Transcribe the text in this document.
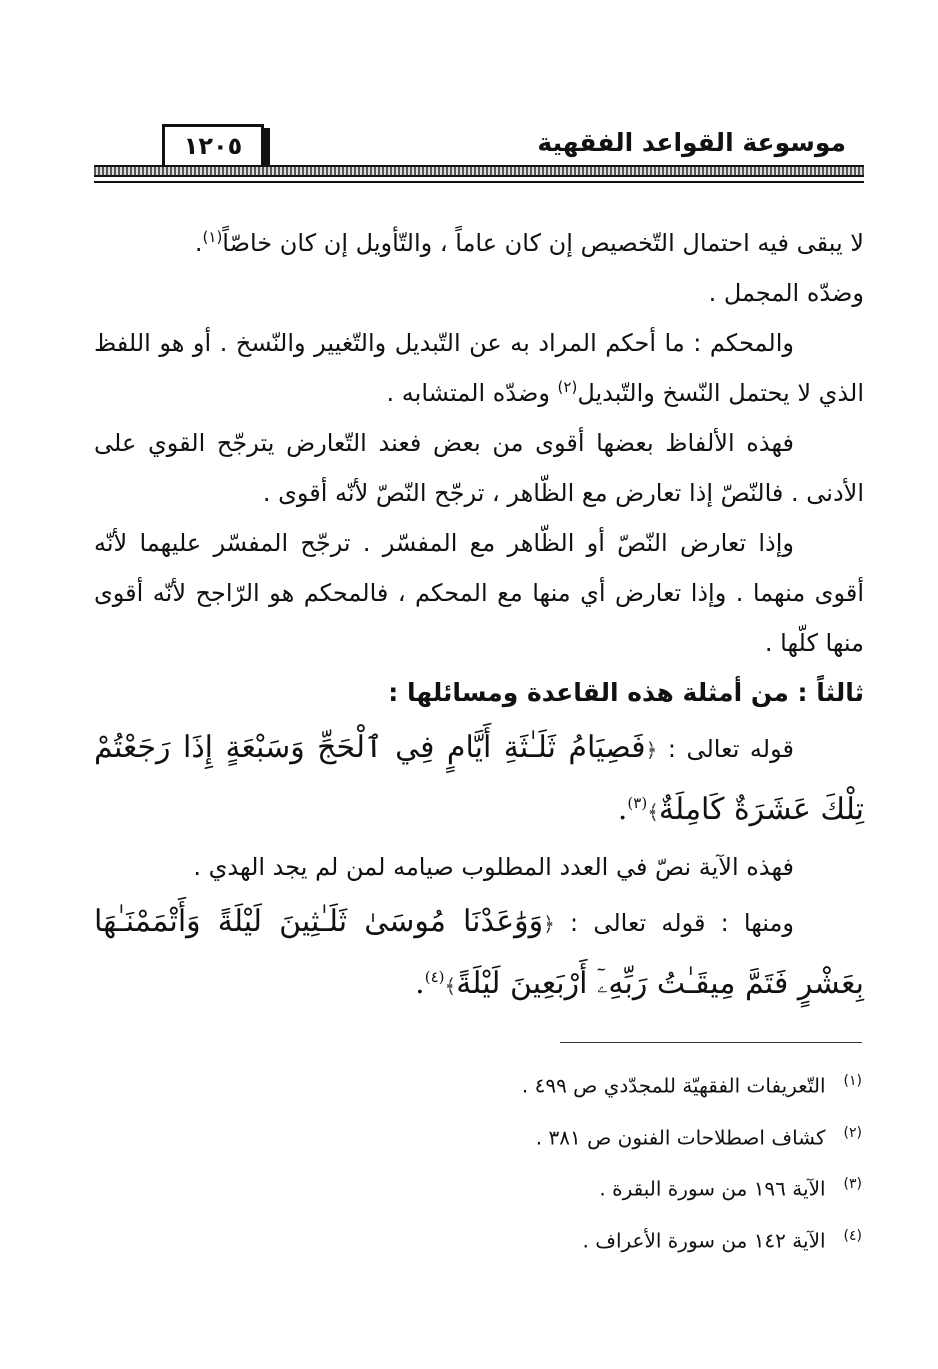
موسوعة القواعد الفقهية
١٢٠٥

لا يبقى فيه احتمال التّخصيص إن كان عاماً ، والتّأويل إن كان خاصّاً$^{(١)}$.

وضدّه المجمل .

والمحكم : ما أحكم المراد به عن التّبديل والتّغيير والنّسخ . أو هو اللفظ الذي لا يحتمل النّسخ والتّبديل$^{(٢)}$ وضدّه المتشابه .

فهذه الألفاظ بعضها أقوى من بعض فعند التّعارض يترجّح القوي على الأدنى . فالنّصّ إذا تعارض مع الظّاهر ، ترجّح النّصّ لأنّه أقوى .

وإذا تعارض النّصّ أو الظّاهر مع المفسّر . ترجّح المفسّر عليهما لأنّه أقوى منهما . وإذا تعارض أي منها مع المحكم ، فالمحكم هو الرّاجح لأنّه أقوى منها كلّها .

ثالثاً : من أمثلة هذه القاعدة ومسائلها :

قوله تعالى : ﴿فَصِيَامُ ثَلَـٰثَةِ أَيَّامٍ فِي ٱلْحَجِّ وَسَبْعَةٍ إِذَا رَجَعْتُمْ تِلْكَ عَشَرَةٌ كَامِلَةٌ﴾$^{(٣)}$.

فهذه الآية نصّ في العدد المطلوب صيامه لمن لم يجد الهدي .

ومنها : قوله تعالى : ﴿وَوَٰعَدْنَا مُوسَىٰ ثَلَـٰثِينَ لَيْلَةً وَأَتْمَمْنَـٰهَا بِعَشْرٍ فَتَمَّ مِيقَـٰتُ رَبِّهِۦٓ أَرْبَعِينَ لَيْلَةً﴾$^{(٤)}$.

$^{(١)}$التّعريفات الفقهيّة للمجدّدي ص ٤٩٩ .
$^{(٢)}$كشاف اصطلاحات الفنون ص ٣٨١ .
$^{(٣)}$الآية ١٩٦ من سورة البقرة .
$^{(٤)}$الآية ١٤٢ من سورة الأعراف .
